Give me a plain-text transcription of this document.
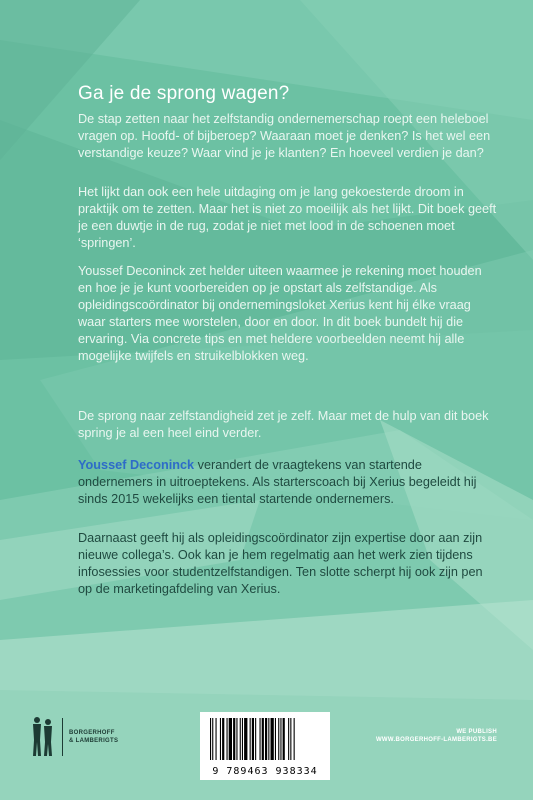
Ga je de sprong wagen?

De stap zetten naar het zelfstandig ondernemerschap roept een heleboel vragen op. Hoofd- of bijberoep? Waaraan moet je denken? Is het wel een verstandige keuze? Waar vind je je klanten? En hoeveel verdien je dan?

Het lijkt dan ook een hele uitdaging om je lang gekoesterde droom in praktijk om te zetten. Maar het is niet zo moeilijk als het lijkt. Dit boek geeft je een duwtje in de rug, zodat je niet met lood in de schoenen moet ‘springen’.

Youssef Deconinck zet helder uiteen waarmee je rekening moet houden en hoe je je kunt voorbereiden op je opstart als zelfstandige. Als opleidingscoördinator bij ondernemingsloket Xerius kent hij élke vraag waar starters mee worstelen, door en door. In dit boek bundelt hij die ervaring. Via concrete tips en met heldere voorbeelden neemt hij alle mogelijke twijfels en struikelblokken weg.

De sprong naar zelfstandigheid zet je zelf. Maar met de hulp van dit boek spring je al een heel eind verder.

Youssef Deconinck verandert de vraagtekens van startende ondernemers in uitroeptekens. Als starterscoach bij Xerius begeleidt hij sinds 2015 wekelijks een tiental startende ondernemers.

Daarnaast geeft hij als opleidingscoördinator zijn expertise door aan zijn nieuwe collega’s. Ook kan je hem regelmatig aan het werk zien tijdens infosessies voor studentzelfstandigen. Ten slotte scherpt hij ook zijn pen op de marketingafdeling van Xerius.

BORGERHOFF
& LAMBERIGTS
9 789463 938334
WE PUBLISH
WWW.BORGERHOFF-LAMBERIGTS.BE
